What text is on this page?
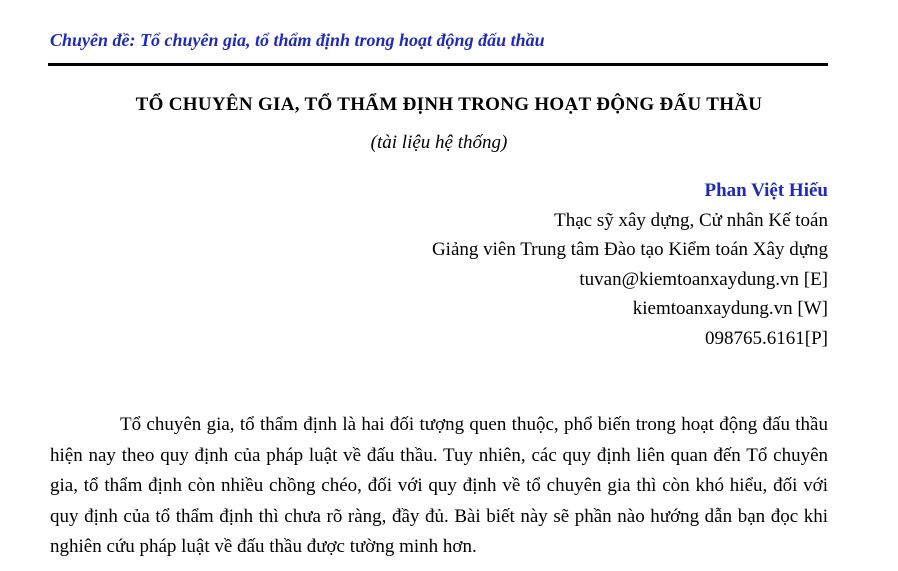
Chuyên đề: Tổ chuyên gia, tổ thẩm định trong hoạt động đấu thầu
TỔ CHUYÊN GIA, TỔ THẨM ĐỊNH TRONG HOẠT ĐỘNG ĐẤU THẦU
(tài liệu hệ thống)
Phan Việt Hiếu
Thạc sỹ xây dựng, Cử nhân Kế toán
Giảng viên Trung tâm Đào tạo Kiểm toán Xây dựng
tuvan@kiemtoanxaydung.vn [E]
kiemtoanxaydung.vn [W]
098765.6161[P]

Tổ chuyên gia, tổ thẩm định là hai đối tượng quen thuộc, phổ biến trong hoạt động đấu thầu hiện nay theo quy định của pháp luật về đấu thầu. Tuy nhiên, các quy định liên quan đến Tổ chuyên gia, tổ thẩm định còn nhiều chồng chéo, đối với quy định về tổ chuyên gia thì còn khó hiểu, đối với quy định của tổ thẩm định thì chưa rõ ràng, đầy đủ. Bài biết này sẽ phần nào hướng dẫn bạn đọc khi nghiên cứu pháp luật về đấu thầu được tường minh hơn.
